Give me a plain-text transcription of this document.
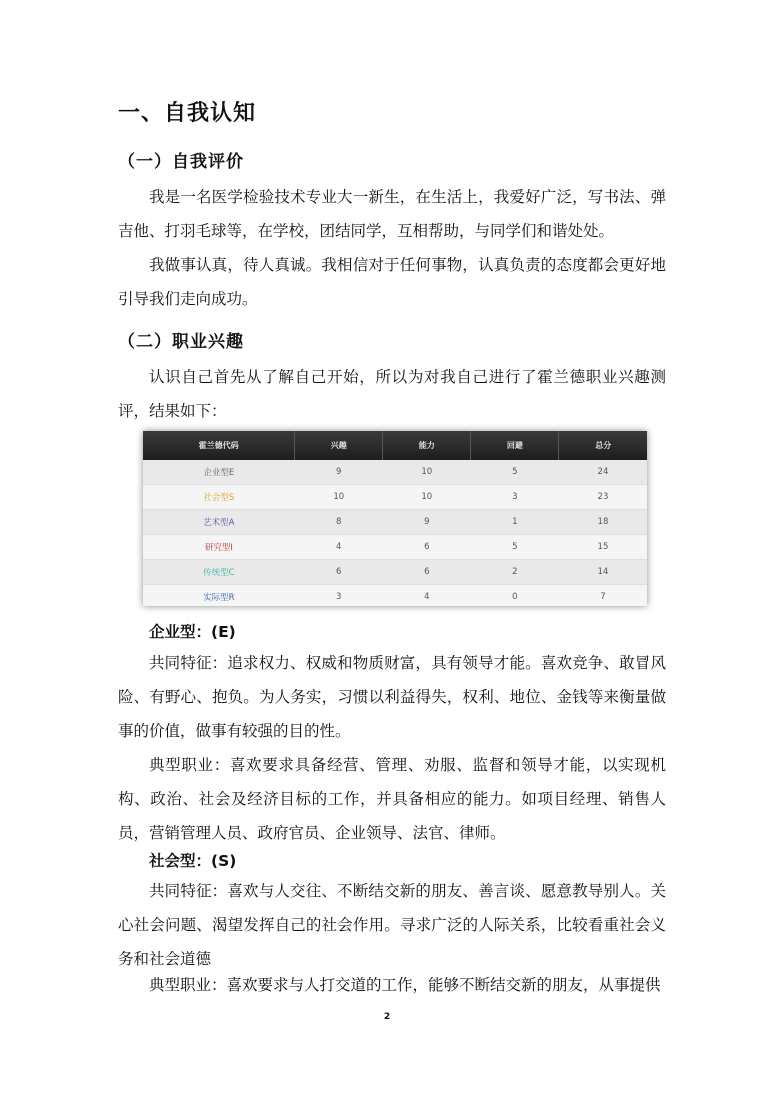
一、自我认知
（一）自我评价

我是一名医学检验技术专业大一新生，在生活上，我爱好广泛，写书法、弹吉他、打羽毛球等，在学校，团结同学，互相帮助，与同学们和谐处处。

我做事认真，待人真诚。我相信对于任何事物，认真负责的态度都会更好地引导我们走向成功。

（二）职业兴趣

认识自己首先从了解自己开始，所以为对我自己进行了霍兰德职业兴趣测评，结果如下：

霍兰德代码	兴趣	能力	回避	总分
企业型E	9	10	5	24
社会型S	10	10	3	23
艺术型A	8	9	1	18
研究型I	4	6	5	15
传统型C	6	6	2	14
实际型R	3	4	0	7
企业型：(E)

共同特征：追求权力、权威和物质财富，具有领导才能。喜欢竞争、敢冒风险、有野心、抱负。为人务实，习惯以利益得失，权利、地位、金钱等来衡量做事的价值，做事有较强的目的性。

典型职业：喜欢要求具备经营、管理、劝服、监督和领导才能，以实现机构、政治、社会及经济目标的工作，并具备相应的能力。如项目经理、销售人员，营销管理人员、政府官员、企业领导、法官、律师。

社会型：(S)

共同特征：喜欢与人交往、不断结交新的朋友、善言谈、愿意教导别人。关心社会问题、渴望发挥自己的社会作用。寻求广泛的人际关系，比较看重社会义务和社会道德

典型职业：喜欢要求与人打交道的工作，能够不断结交新的朋友，从事提供

2
